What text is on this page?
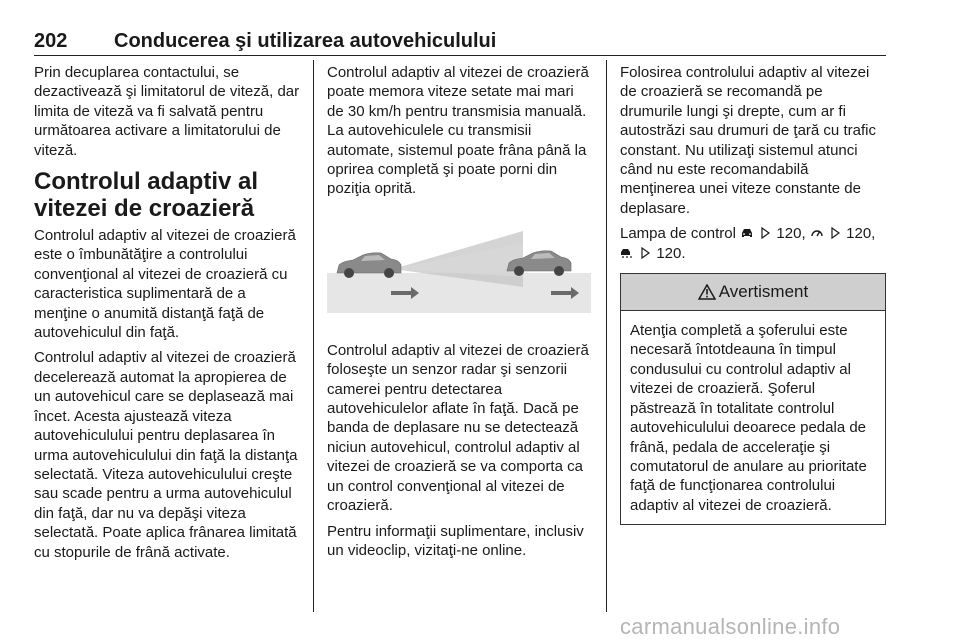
202 Conducerea şi utilizarea autovehiculului

Prin decuplarea contactului, se dezactivează şi limitatorul de viteză, dar limita de viteză va fi salvată pentru următoarea activare a limitatorului de viteză.

Controlul adaptiv al vitezei de croazieră

Controlul adaptiv al vitezei de croazieră este o îmbunătăţire a controlului convenţional al vitezei de croazieră cu caracteristica suplimentară de a menţine o anumită distanţă faţă de autovehiculul din faţă.

Controlul adaptiv al vitezei de croazieră decelerează automat la apropierea de un autovehicul care se deplasează mai încet. Acesta ajustează viteza autovehiculului pentru deplasarea în urma autovehiculului din faţă la distanţa selectată. Viteza autovehiculului creşte sau scade pentru a urma autovehiculul din faţă, dar nu va depăşi viteza selectată. Poate aplica frânarea limitată cu stopurile de frână activate.

Controlul adaptiv al vitezei de croazieră poate memora viteze setate mai mari de 30 km/h pentru transmisia manuală. La autovehiculele cu transmisii automate, sistemul poate frâna până la oprirea completă şi poate porni din poziţia oprită.

Controlul adaptiv al vitezei de croazieră foloseşte un senzor radar şi senzorii camerei pentru detectarea autovehiculelor aflate în faţă. Dacă pe banda de deplasare nu se detectează niciun autovehicul, controlul adaptiv al vitezei de croazieră se va comporta ca un control convenţional al vitezei de croazieră.

Pentru informaţii suplimentare, inclusiv un videoclip, vizitaţi-ne online.

Folosirea controlului adaptiv al vitezei de croazieră se recomandă pe drumurile lungi şi drepte, cum ar fi autostrăzi sau drumuri de ţară cu trafic constant. Nu utilizaţi sistemul atunci când nu este recomandabilă menţinerea unei viteze constante de deplasare.

Lampa de control	120,	120,
120.

Avertisment
Atenţia completă a şoferului este necesară întotdeauna în timpul condusului cu controlul adaptiv al vitezei de croazieră. Şoferul păstrează în totalitate controlul autovehiculului deoarece pedala de frână, pedala de acceleraţie şi comutatorul de anulare au prioritate faţă de funcţionarea controlului adaptiv al vitezei de croazieră.
carmanualsonline.info
